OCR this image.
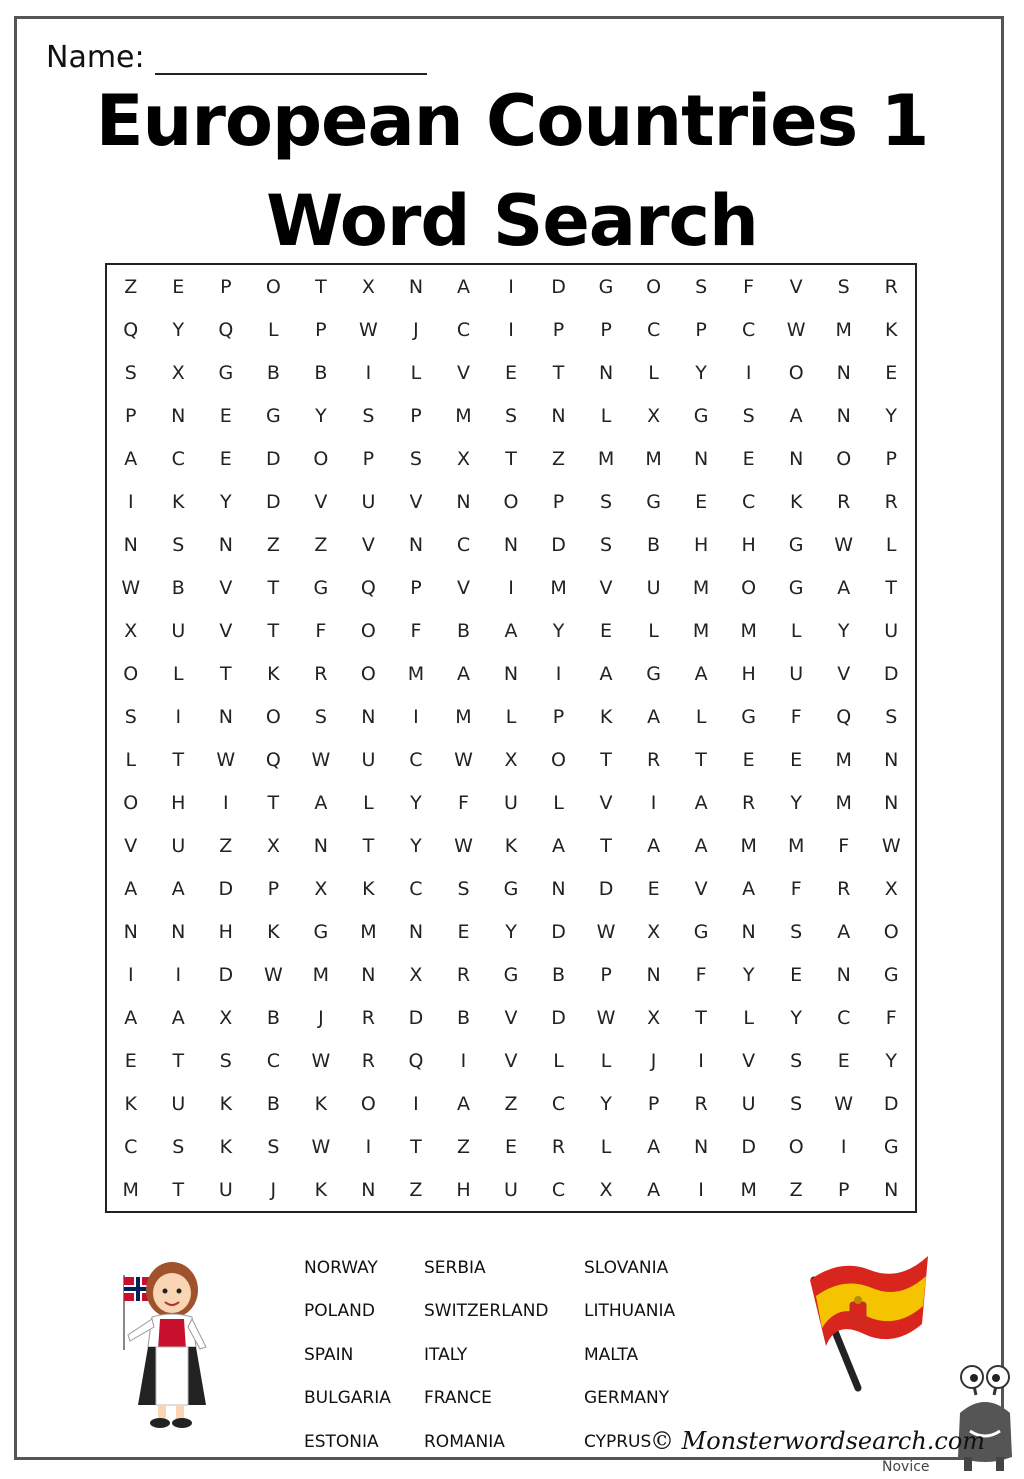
Name:
European Countries 1
Word Search
Z	E	P	O	T	X	N	A	I	D	G	O	S	F	V	S	R
Q	Y	Q	L	P	W	J	C	I	P	P	C	P	C	W	M	K
S	X	G	B	B	I	L	V	E	T	N	L	Y	I	O	N	E
P	N	E	G	Y	S	P	M	S	N	L	X	G	S	A	N	Y
A	C	E	D	O	P	S	X	T	Z	M	M	N	E	N	O	P
I	K	Y	D	V	U	V	N	O	P	S	G	E	C	K	R	R
N	S	N	Z	Z	V	N	C	N	D	S	B	H	H	G	W	L
W	B	V	T	G	Q	P	V	I	M	V	U	M	O	G	A	T
X	U	V	T	F	O	F	B	A	Y	E	L	M	M	L	Y	U
O	L	T	K	R	O	M	A	N	I	A	G	A	H	U	V	D
S	I	N	O	S	N	I	M	L	P	K	A	L	G	F	Q	S
L	T	W	Q	W	U	C	W	X	O	T	R	T	E	E	M	N
O	H	I	T	A	L	Y	F	U	L	V	I	A	R	Y	M	N
V	U	Z	X	N	T	Y	W	K	A	T	A	A	M	M	F	W
A	A	D	P	X	K	C	S	G	N	D	E	V	A	F	R	X
N	N	H	K	G	M	N	E	Y	D	W	X	G	N	S	A	O
I	I	D	W	M	N	X	R	G	B	P	N	F	Y	E	N	G
A	A	X	B	J	R	D	B	V	D	W	X	T	L	Y	C	F
E	T	S	C	W	R	Q	I	V	L	L	J	I	V	S	E	Y
K	U	K	B	K	O	I	A	Z	C	Y	P	R	U	S	W	D
C	S	K	S	W	I	T	Z	E	R	L	A	N	D	O	I	G
M	T	U	J	K	N	Z	H	U	C	X	A	I	M	Z	P	N
NORWAY
POLAND
SPAIN
BULGARIA
ESTONIA
SERBIA
SWITZERLAND
ITALY
FRANCE
ROMANIA
SLOVANIA
LITHUANIA
MALTA
GERMANY
CYPRUS
© Monsterwordsearch.com
Novice
